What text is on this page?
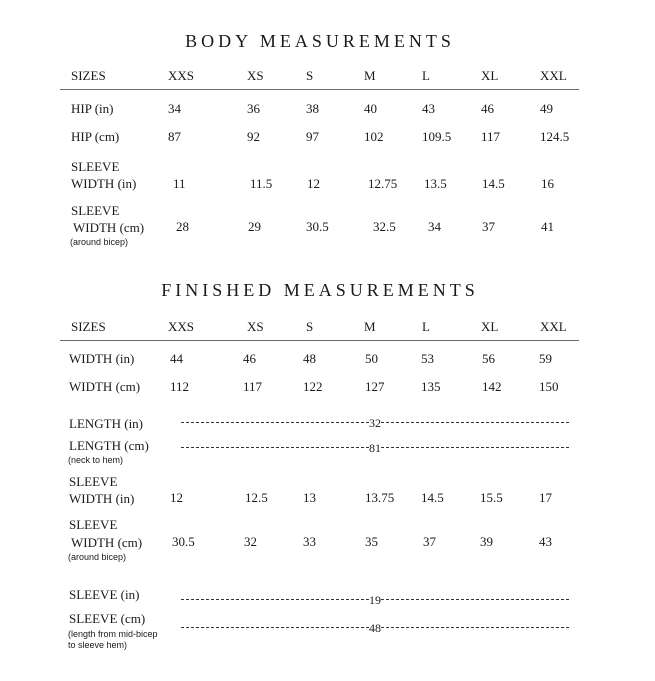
BODY MEASUREMENTS
SIZES	XXS	XS	S	M	L	XL	XXL
HIP (in)	34	36	38	40	43	46	49
HIP (cm)	87	92	97	102	109.5 117	124.5
SLEEVE
WIDTH (in)	11	11.5	12	12.75 13.5	14.5	16
SLEEVE
WIDTH (cm)
(around bicep)
28	29	30.5	32.5 34	37	41
FINISHED MEASUREMENTS
SIZES	XXS	XS	S	M	L	XL	XXL
WIDTH (in)	44	46	48	50	53	56	59
WIDTH (cm) 112	117	122	127	135	142	150
LENGTH (in)	32
LENGTH (cm)
(neck to hem)
81
SLEEVE
WIDTH (in)	12	12.5	13	13.75 14.5	15.5	17
SLEEVE
WIDTH (cm)
(around bicep)
30.5	32	33	35	37	39	43
SLEEVE (in)	19
SLEEVE (cm)
(length from mid-bicep
to sleeve hem)
48
